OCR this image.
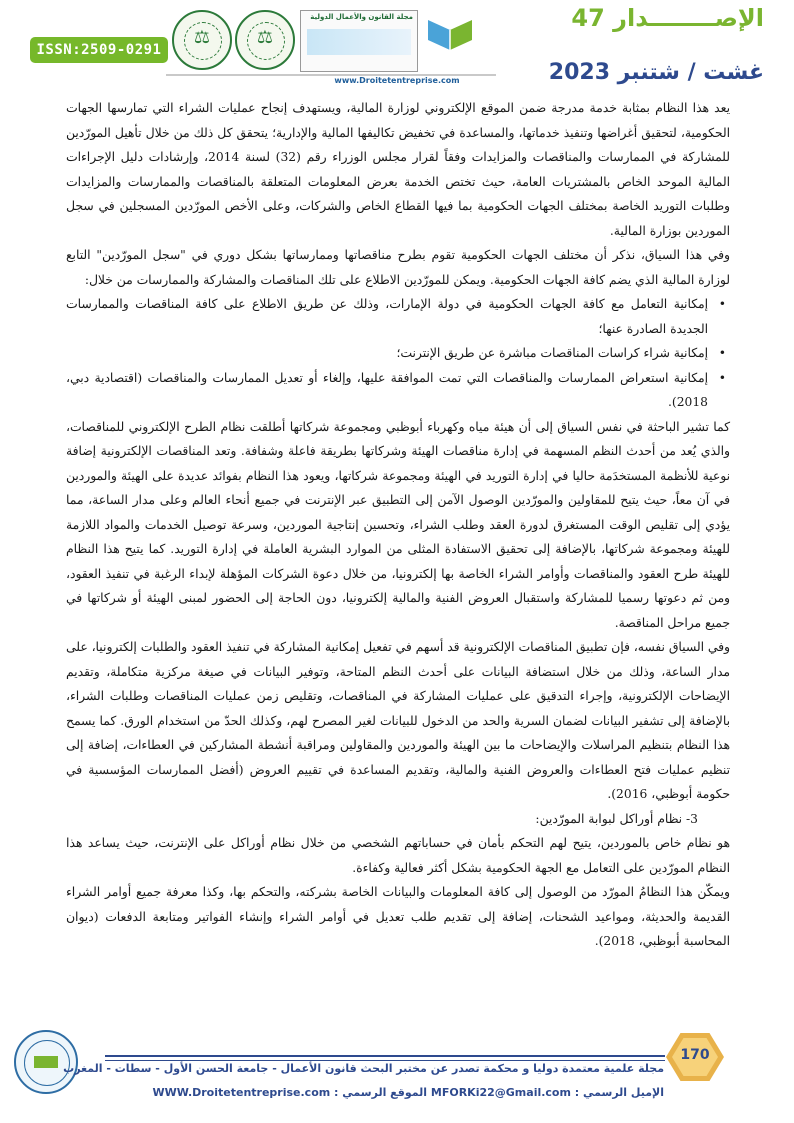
ISSN:2509-0291
⚖	⚖
مجلة القانون والأعمال الدولية
www.Droitetentreprise.com
الإصــــــــدار 47
غشت / شتنبر 2023

يعد هذا النظام بمثابة خدمة مدرجة ضمن الموقع الإلكتروني لوزارة المالية، ويستهدف إنجاح عمليات الشراء التي تمارسها الجهات الحكومية، لتحقيق أغراضها وتنفيذ خدماتها، والمساعدة في تخفيض تكاليفها المالية والإدارية؛ يتحقق كل ذلك من خلال تأهيل المورّدين للمشاركة في الممارسات والمناقصات والمزايدات وفقاً لقرار مجلس الوزراء رقم (32) لسنة 2014، وإرشادات دليل الإجراءات المالية الموحد الخاص بالمشتريات العامة، حيث تختص الخدمة بعرض المعلومات المتعلقة بالمناقصات والممارسات والمزايدات وطلبات التوريد الخاصة بمختلف الجهات الحكومية بما فيها القطاع الخاص والشركات، وعلى الأخص المورّدين المسجلين في سجل الموردين بوزارة المالية.

وفي هذا السياق، نذكر أن مختلف الجهات الحكومية تقوم بطرح مناقصاتها وممارساتها بشكل دوري في "سجل المورّدين" التابع لوزارة المالية الذي يضم كافة الجهات الحكومية. ويمكن للمورّدين الاطلاع على تلك المناقصات والمشاركة والممارسات من خلال:

•
إمكانية التعامل مع كافة الجهات الحكومية في دولة الإمارات، وذلك عن طريق الاطلاع على كافة المناقصات والممارسات الجديدة الصادرة عنها؛

•
إمكانية شراء كراسات المناقصات مباشرة عن طريق الإنترنت؛

•
إمكانية استعراض الممارسات والمناقصات التي تمت الموافقة عليها، وإلغاء أو تعديل الممارسات والمناقصات (اقتصادية دبي، 2018).

كما تشير الباحثة في نفس السياق إلى أن هيئة مياه وكهرباء أبوظبي ومجموعة شركاتها أطلقت نظام الطرح الإلكتروني للمناقصات، والذي يُعد من أحدث النظم المسهمة في إدارة مناقصات الهيئة وشركاتها بطريقة فاعلة وشفافة. وتعد المناقصات الإلكترونية إضافة نوعية للأنظمة المستخدَمة حاليا في إدارة التوريد في الهيئة ومجموعة شركاتها، ويعود هذا النظام بفوائد عديدة على الهيئة والموردين في آن معاً، حيث يتيح للمقاولين والمورّدين الوصول الآمن إلى التطبيق عبر الإنترنت في جميع أنحاء العالم وعلى مدار الساعة، مما يؤدي إلى تقليص الوقت المستغرق لدورة العقد وطلب الشراء، وتحسين إنتاجية الموردين، وسرعة توصيل الخدمات والمواد اللازمة للهيئة ومجموعة شركاتها، بالإضافة إلى تحقيق الاستفادة المثلى من الموارد البشرية العاملة في إدارة التوريد. كما يتيح هذا النظام للهيئة طرح العقود والمناقصات وأوامر الشراء الخاصة بها إلكترونيا، من خلال دعوة الشركات المؤهلة لإبداء الرغبة في تنفيذ العقود، ومن ثم دعوتها رسميا للمشاركة واستقبال العروض الفنية والمالية إلكترونيا، دون الحاجة إلى الحضور لمبنى الهيئة أو شركاتها في جميع مراحل المناقصة.

وفي السياق نفسه، فإن تطبيق المناقصات الإلكترونية قد أسهم في تفعيل إمكانية المشاركة في تنفيذ العقود والطلبات إلكترونيا، على مدار الساعة، وذلك من خلال استضافة البيانات على أحدث النظم المتاحة، وتوفير البيانات في صيغة مركزية متكاملة، وتقديم الإيضاحات الإلكترونية، وإجراء التدقيق على عمليات المشاركة في المناقصات، وتقليص زمن عمليات المناقصات وطلبات الشراء، بالإضافة إلى تشفير البيانات لضمان السرية والحد من الدخول للبيانات لغير المصرح لهم، وكذلك الحدّ من استخدام الورق. كما يسمح هذا النظام بتنظيم المراسلات والإيضاحات ما بين الهيئة والموردين والمقاولين ومراقبة أنشطة المشاركين في العطاءات، إضافة إلى تنظيم عمليات فتح العطاءات والعروض الفنية والمالية، وتقديم المساعدة في تقييم العروض (أفضل الممارسات المؤسسية في حكومة أبوظبي، 2016).

3- نظام أوراكل لبوابة المورّدين:

هو نظام خاص بالموردين، يتيح لهم التحكم بأمان في حساباتهم الشخصي من خلال نظام أوراكل على الإنترنت، حيث يساعد هذا النظام المورّدين على التعامل مع الجهة الحكومية بشكل أكثر فعالية وكفاءة.

ويمكّن هذا النظامُ المورّد من الوصول إلى كافة المعلومات والبيانات الخاصة بشركته، والتحكم بها، وكذا معرفة جميع أوامر الشراء القديمة والحديثة، ومواعيد الشحنات، إضافة إلى تقديم طلب تعديل في أوامر الشراء وإنشاء الفواتير ومتابعة الدفعات (ديوان المحاسبة أبوظبي، 2018).

170
مجلة علمية معتمدة دوليا و محكمة تصدر عن مختبر البحث قانون الأعمال - جامعة الحسن الأول - سطات - المغرب
الإميل الرسمي : MFORKi22@Gmail.com الموقع الرسمي : WWW.Droitetentreprise.com
